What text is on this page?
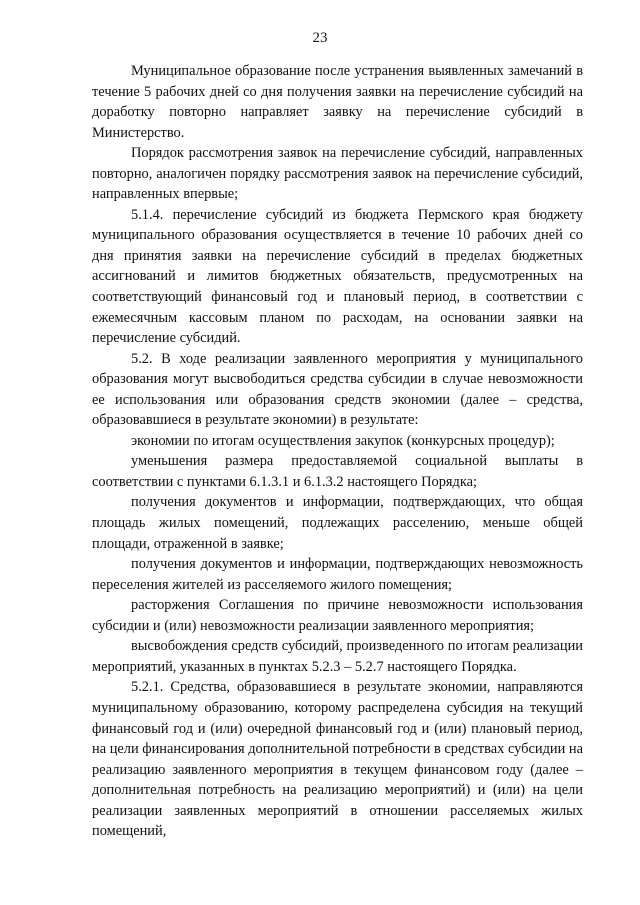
23

Муниципальное образование после устранения выявленных замечаний в течение 5 рабочих дней со дня получения заявки на перечисление субсидий на доработку повторно направляет заявку на перечисление субсидий в Министерство.

Порядок рассмотрения заявок на перечисление субсидий, направленных повторно, аналогичен порядку рассмотрения заявок на перечисление субсидий, направленных впервые;

5.1.4. перечисление субсидий из бюджета Пермского края бюджету муниципального образования осуществляется в течение 10 рабочих дней со дня принятия заявки на перечисление субсидий в пределах бюджетных ассигнований и лимитов бюджетных обязательств, предусмотренных на соответствующий финансовый год и плановый период, в соответствии с ежемесячным кассовым планом по расходам, на основании заявки на перечисление субсидий.

5.2. В ходе реализации заявленного мероприятия у муниципального образования могут высвободиться средства субсидии в случае невозможности ее использования или образования средств экономии (далее – средства, образовавшиеся в результате экономии) в результате:

экономии по итогам осуществления закупок (конкурсных процедур);

уменьшения размера предоставляемой социальной выплаты в соответствии с пунктами 6.1.3.1 и 6.1.3.2 настоящего Порядка;

получения документов и информации, подтверждающих, что общая площадь жилых помещений, подлежащих расселению, меньше общей площади, отраженной в заявке;

получения документов и информации, подтверждающих невозможность переселения жителей из расселяемого жилого помещения;

расторжения Соглашения по причине невозможности использования субсидии и (или) невозможности реализации заявленного мероприятия;

высвобождения средств субсидий, произведенного по итогам реализации мероприятий, указанных в пунктах 5.2.3 – 5.2.7 настоящего Порядка.

5.2.1. Средства, образовавшиеся в результате экономии, направляются муниципальному образованию, которому распределена субсидия на текущий финансовый год и (или) очередной финансовый год и (или) плановый период, на цели финансирования дополнительной потребности в средствах субсидии на реализацию заявленного мероприятия в текущем финансовом году (далее – дополнительная потребность на реализацию мероприятий) и (или) на цели реализации заявленных мероприятий в отношении расселяемых жилых помещений,
